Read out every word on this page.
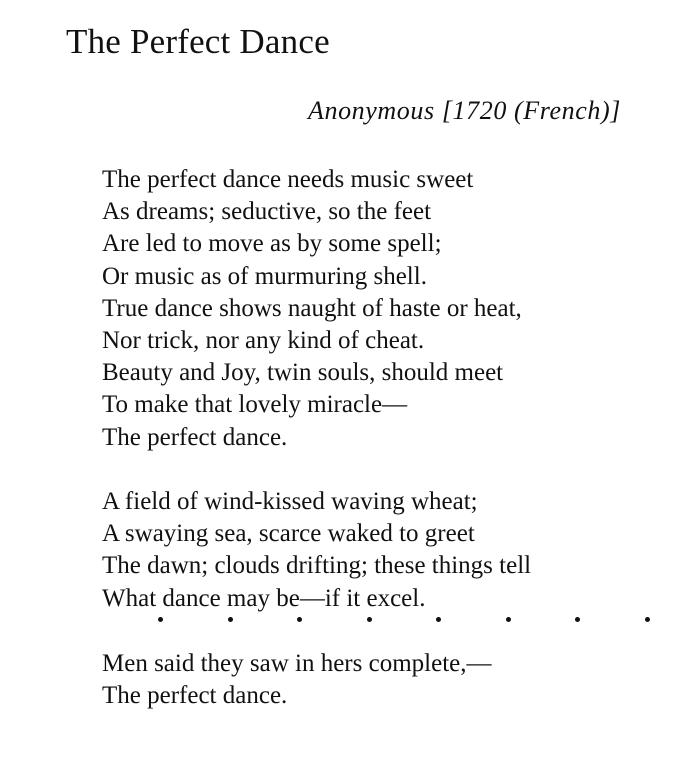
The Perfect Dance
Anonymous [1720 (French)]
The perfect dance needs music sweet
As dreams; seductive, so the feet
Are led to move as by some spell;
Or music as of murmuring shell.
True dance shows naught of haste or heat,
Nor trick, nor any kind of cheat.
Beauty and Joy, twin souls, should meet
To make that lovely miracle—
The perfect dance.
A field of wind-kissed waving wheat;
A swaying sea, scarce waked to greet
The dawn; clouds drifting; these things tell
What dance may be—if it excel.
Men said they saw in hers complete,—
The perfect dance.
